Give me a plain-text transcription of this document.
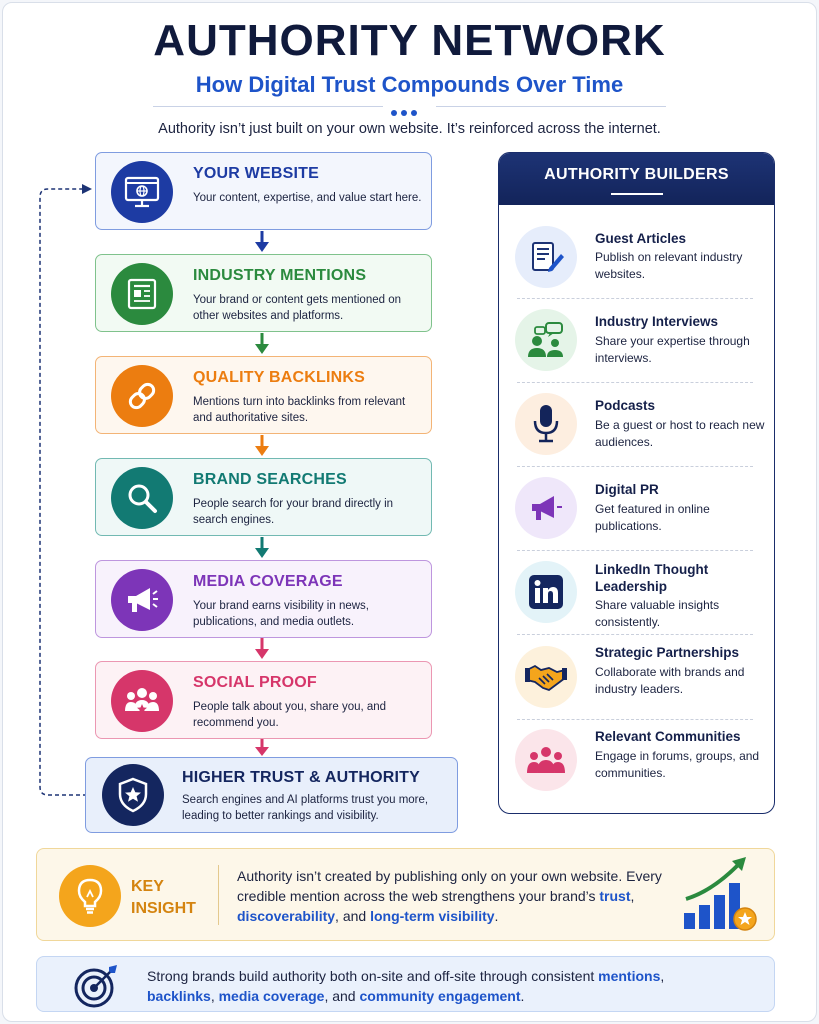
AUTHORITY NETWORK
How Digital Trust Compounds Over Time
Authority isn’t just built on your own website. It’s reinforced across the internet.
YOUR WEBSITE
Your content, expertise, and value start here.
INDUSTRY MENTIONS
Your brand or content gets mentioned on other websites and platforms.
QUALITY BACKLINKS
Mentions turn into backlinks from relevant and authoritative sites.
BRAND SEARCHES
People search for your brand directly in search engines.
MEDIA COVERAGE
Your brand earns visibility in news, publications, and media outlets.
SOCIAL PROOF
People talk about you, share you, and recommend you.
HIGHER TRUST & AUTHORITY
Search engines and AI platforms trust you more, leading to better rankings and visibility.
AUTHORITY BUILDERS
Guest Articles
Publish on relevant industry websites.
Industry Interviews
Share your expertise through interviews.
Podcasts
Be a guest or host to reach new audiences.
Digital PR
Get featured in online publications.
LinkedIn Thought Leadership
Share valuable insights consistently.
Strategic Partnerships
Collaborate with brands and industry leaders.
Relevant Communities
Engage in forums, groups, and communities.
KEY
INSIGHT
Authority isn’t created by publishing only on your own website. Every credible mention across the web strengthens your brand’s trust, discoverability, and long-term visibility.
Strong brands build authority both on-site and off-site through consistent mentions, backlinks, media coverage, and community engagement.
